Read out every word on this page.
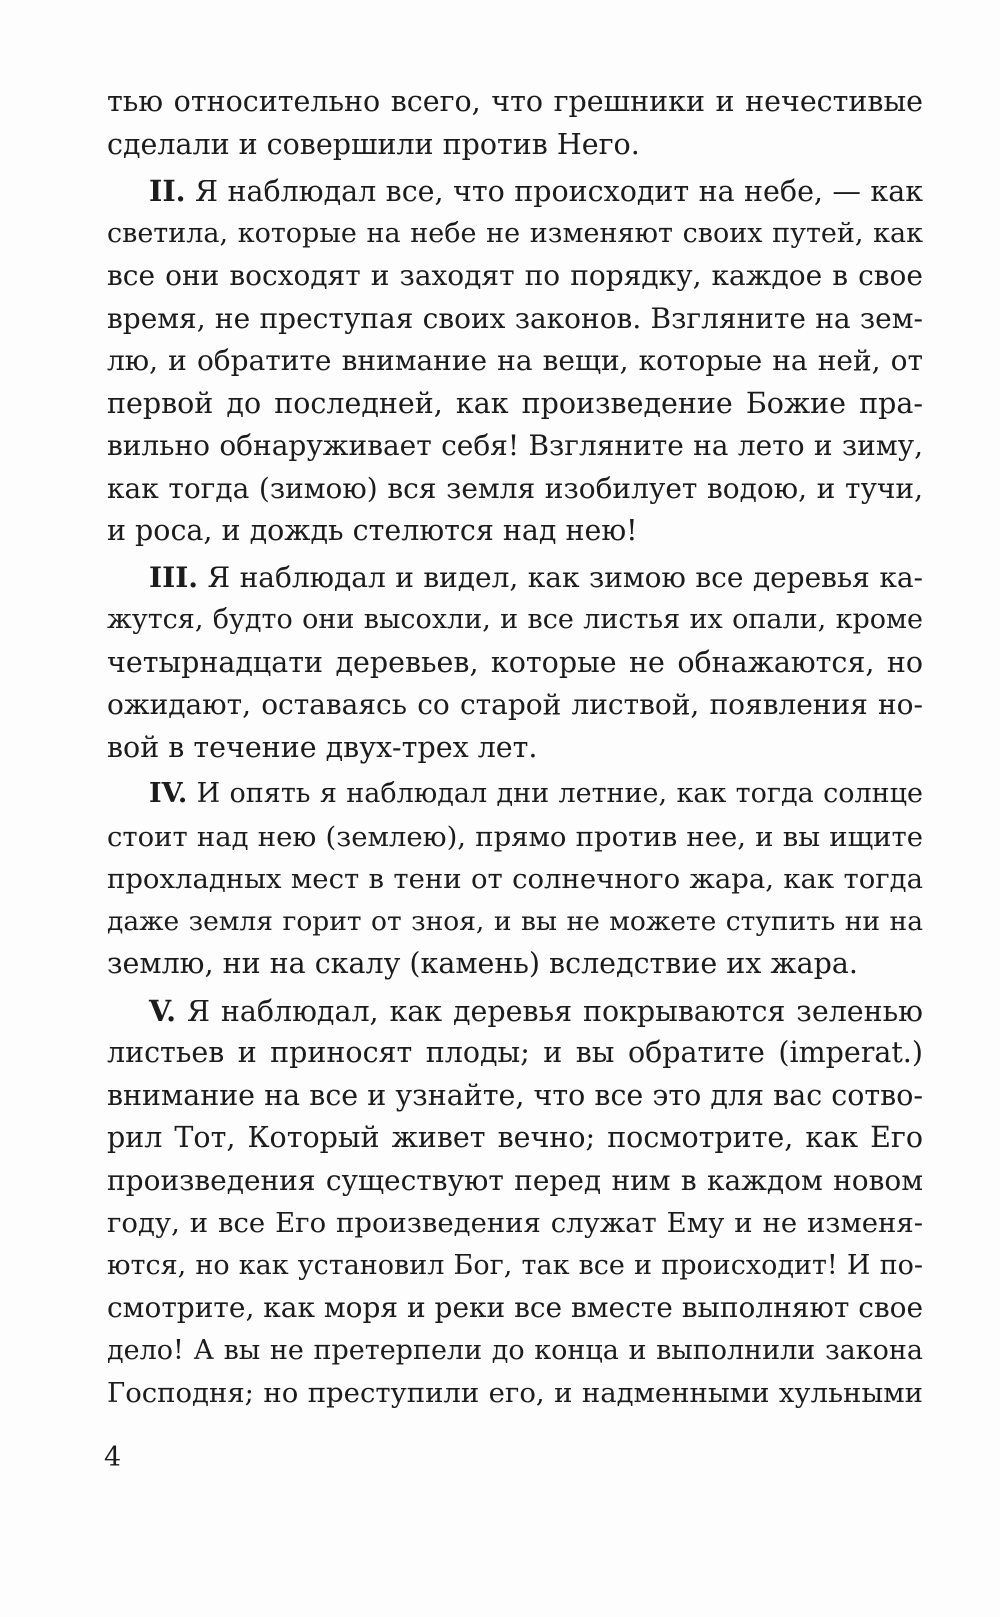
тью относительно всего, что грешники и нечестивые
сделали и совершили против Него.
II. Я наблюдал все, что происходит на небе, — как
светила, которые на небе не изменяют своих путей, как
все они восходят и заходят по порядку, каждое в свое
время, не преступая своих законов. Взгляните на зем-
лю, и обратите внимание на вещи, которые на ней, от
первой до последней, как произведение Божие пра-
вильно обнаруживает себя! Взгляните на лето и зиму,
как тогда (зимою) вся земля изобилует водою, и тучи,
и роса, и дождь стелются над нею!
III. Я наблюдал и видел, как зимою все деревья ка-
жутся, будто они высохли, и все листья их опали, кроме
четырнадцати деревьев, которые не обнажаются, но
ожидают, оставаясь со старой листвой, появления но-
вой в течение двух-трех лет.
IV. И опять я наблюдал дни летние, как тогда солнце
стоит над нею (землею), прямо против нее, и вы ищите
прохладных мест в тени от солнечного жара, как тогда
даже земля горит от зноя, и вы не можете ступить ни на
землю, ни на скалу (камень) вследствие их жара.
V. Я наблюдал, как деревья покрываются зеленью
листьев и приносят плоды; и вы обратите (imperat.)
внимание на все и узнайте, что все это для вас сотво-
рил Тот, Который живет вечно; посмотрите, как Его
произведения существуют перед ним в каждом новом
году, и все Его произведения служат Ему и не изменя-
ются, но как установил Бог, так все и происходит! И по-
смотрите, как моря и реки все вместе выполняют свое
дело! А вы не претерпели до конца и выполнили закона
Господня; но преступили его, и надменными хульными
4
